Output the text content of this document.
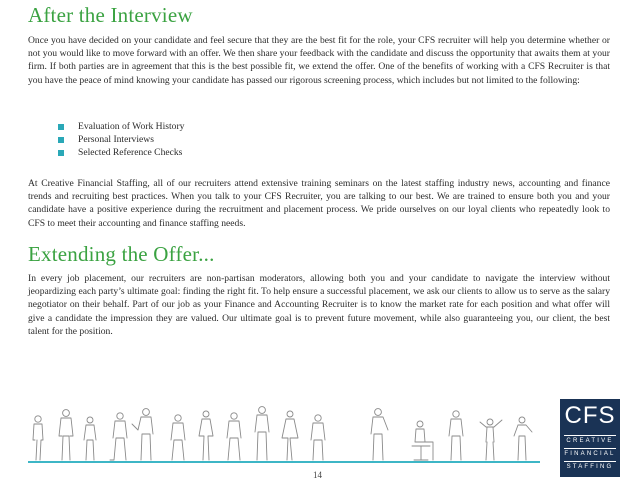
After the Interview

Once you have decided on your candidate and feel secure that they are the best fit for the role, your CFS recruiter will help you determine whether or not you would like to move forward with an offer. We then share your feedback with the candidate and discuss the opportunity that awaits them at your firm. If both parties are in agreement that this is the best possible fit, we extend the offer. One of the benefits of working with a CFS Recruiter is that you have the peace of mind knowing your candidate has passed our rigorous screening process, which includes but not limited to the following:

Evaluation of Work History
Personal Interviews
Selected Reference Checks

At Creative Financial Staffing, all of our recruiters attend extensive training seminars on the latest staffing industry news, accounting and finance trends and recruiting best practices. When you talk to your CFS Recruiter, you are talking to our best. We are trained to ensure both you and your candidate have a positive experience during the recruitment and placement process. We pride ourselves on our loyal clients who repeatedly look to CFS to meet their accounting and finance staffing needs.

Extending the Offer...

In every job placement, our recruiters are non-partisan moderators, allowing both you and your candidate to navigate the interview without jeopardizing each party’s ultimate goal: finding the right fit. To help ensure a successful placement, we ask our clients to allow us to serve as the salary negotiator on their behalf. Part of our job as your Finance and Accounting Recruiter is to know the market rate for each position and what offer will give a candidate the impression they are valued. Our ultimate goal is to prevent future movement, while also guaranteeing you, our client, the best talent for the position.

14
CFS
CREATIVE
FINANCIAL
STAFFING
